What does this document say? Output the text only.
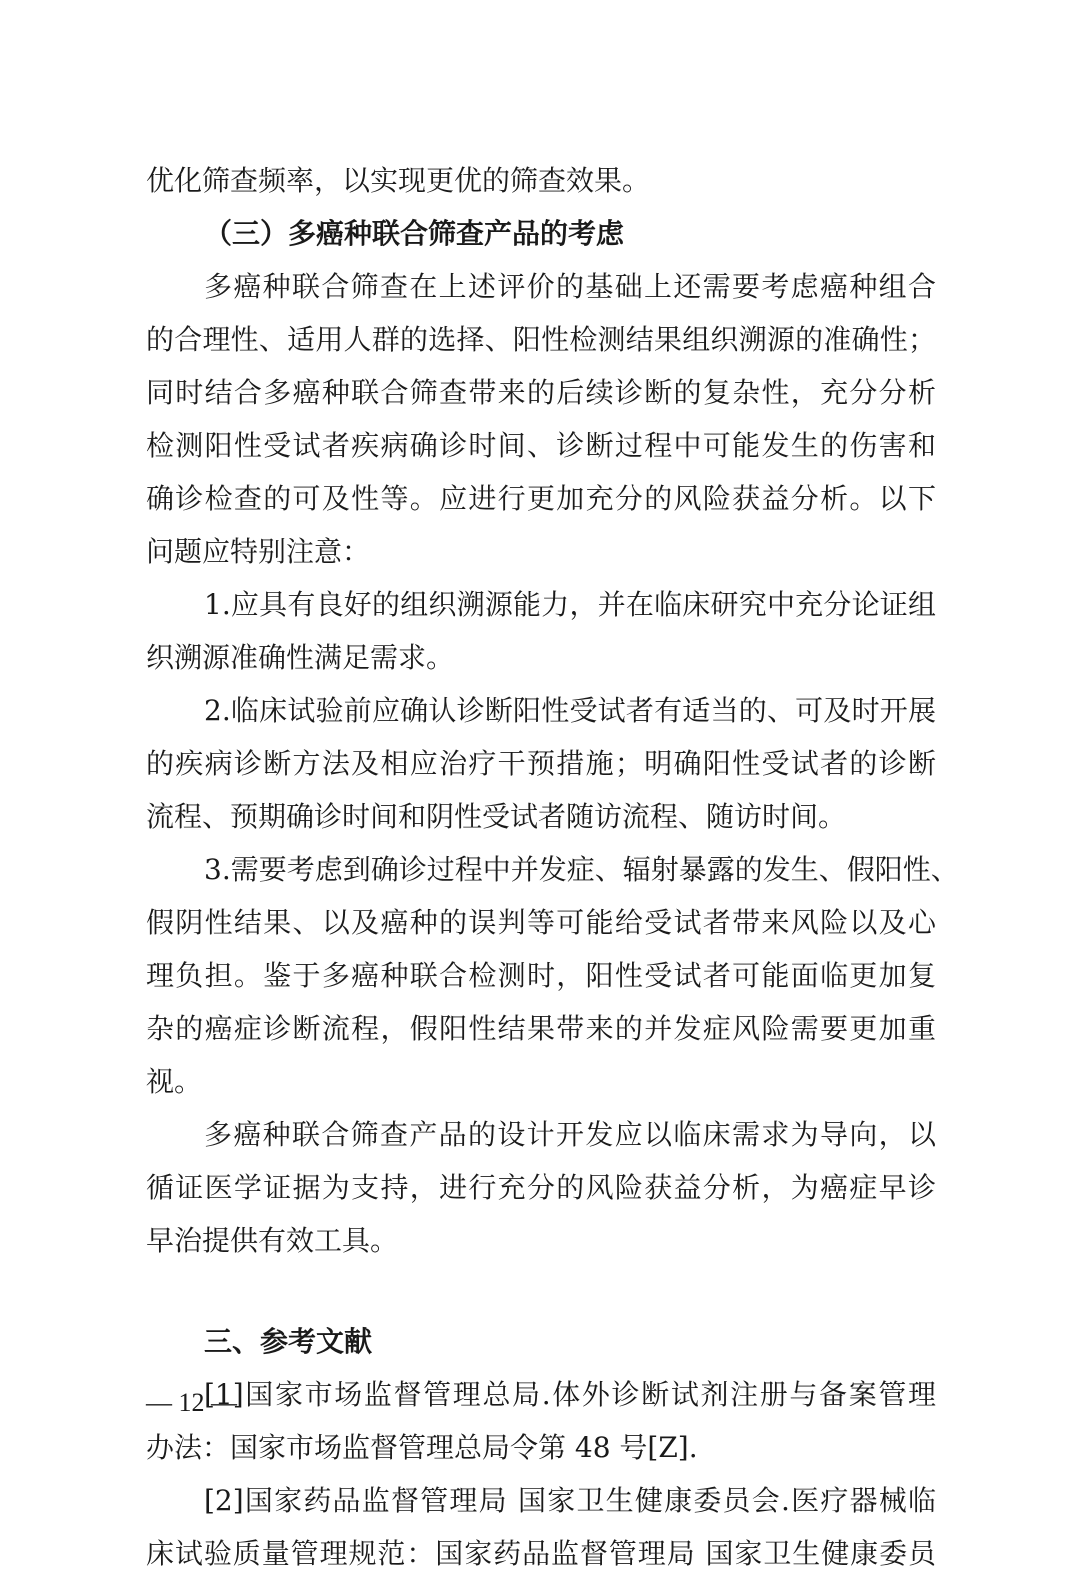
优化筛查频率，以实现更优的筛查效果。
（三）多癌种联合筛查产品的考虑
多癌种联合筛查在上述评价的基础上还需要考虑癌种组合
的合理性、适用人群的选择、阳性检测结果组织溯源的准确性；
同时结合多癌种联合筛查带来的后续诊断的复杂性，充分分析
检测阳性受试者疾病确诊时间、诊断过程中可能发生的伤害和
确诊检查的可及性等。应进行更加充分的风险获益分析。以下
问题应特别注意：
1.应具有良好的组织溯源能力，并在临床研究中充分论证组
织溯源准确性满足需求。
2.临床试验前应确认诊断阳性受试者有适当的、可及时开展
的疾病诊断方法及相应治疗干预措施；明确阳性受试者的诊断
流程、预期确诊时间和阴性受试者随访流程、随访时间。
3.需要考虑到确诊过程中并发症、辐射暴露的发生、假阳性、
假阴性结果、以及癌种的误判等可能给受试者带来风险以及心
理负担。鉴于多癌种联合检测时，阳性受试者可能面临更加复
杂的癌症诊断流程，假阳性结果带来的并发症风险需要更加重
视。
多癌种联合筛查产品的设计开发应以临床需求为导向，以
循证医学证据为支持，进行充分的风险获益分析，为癌症早诊
早治提供有效工具。
三、参考文献
[1]国家市场监督管理总局.体外诊断试剂注册与备案管理
办法：国家市场监督管理总局令第 48 号[Z].
[2]国家药品监督管理局 国家卫生健康委员会.医疗器械临
床试验质量管理规范：国家药品监督管理局 国家卫生健康委员
— 12 —
